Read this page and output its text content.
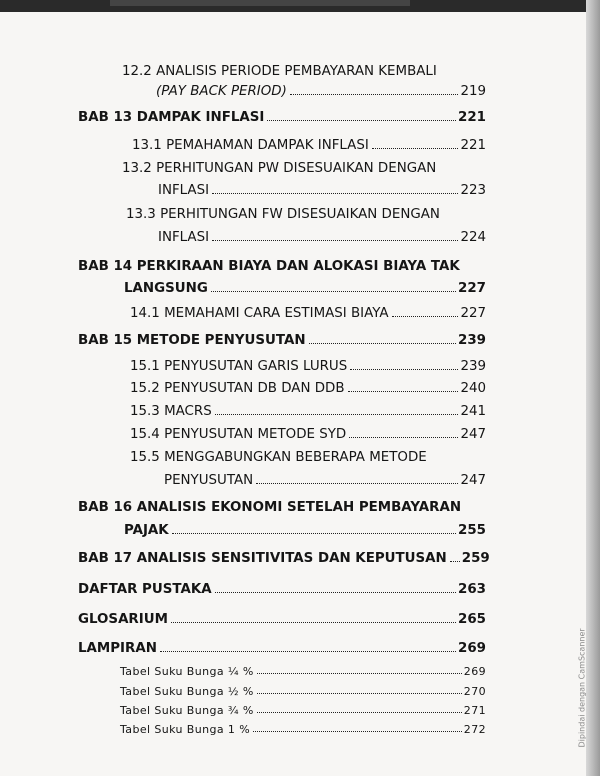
12.2 ANALISIS PERIODE PEMBAYARAN KEMBALI
(PAY BACK PERIOD)	219
BAB 13 DAMPAK INFLASI	221
13.1 PEMAHAMAN DAMPAK INFLASI	221
13.2 PERHITUNGAN PW DISESUAIKAN DENGAN
INFLASI	223
13.3 PERHITUNGAN FW DISESUAIKAN DENGAN
INFLASI	224
BAB 14 PERKIRAAN BIAYA DAN ALOKASI BIAYA TAK
LANGSUNG	227
14.1 MEMAHAMI CARA ESTIMASI BIAYA	227
BAB 15 METODE PENYUSUTAN	239
15.1 PENYUSUTAN GARIS LURUS	239
15.2 PENYUSUTAN DB DAN DDB	240
15.3 MACRS	241
15.4 PENYUSUTAN METODE SYD	247
15.5 MENGGABUNGKAN BEBERAPA METODE
PENYUSUTAN	247
BAB 16 ANALISIS EKONOMI SETELAH PEMBAYARAN
PAJAK	255
BAB 17 ANALISIS SENSITIVITAS DAN KEPUTUSAN 259
DAFTAR PUSTAKA	263
GLOSARIUM	265
LAMPIRAN	269
Tabel Suku Bunga ¼ %	269
Tabel Suku Bunga ½ %	270
Tabel Suku Bunga ¾ %	271
Tabel Suku Bunga 1 %	272	Dipindai dengan CamScanner
